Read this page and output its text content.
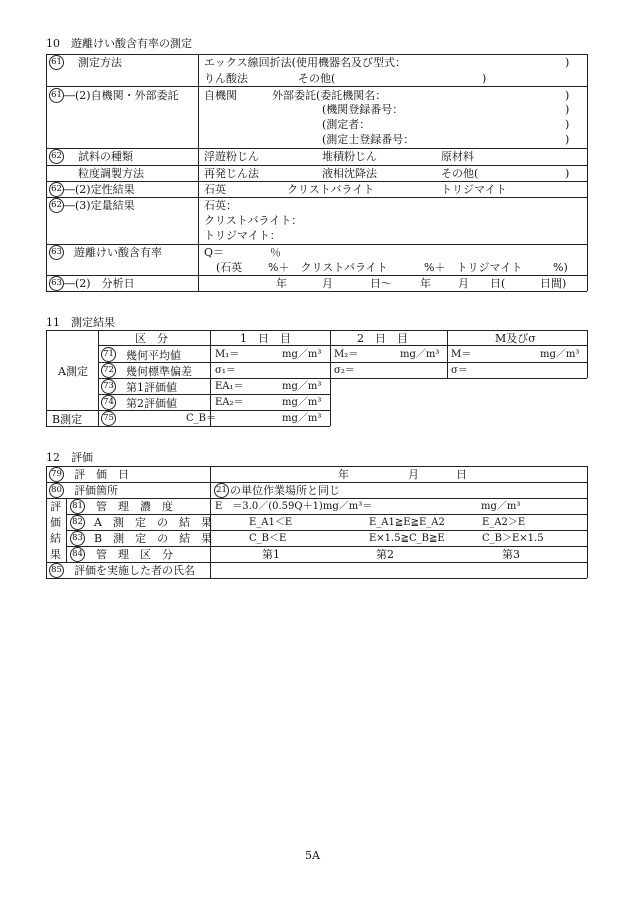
10　遊離けい酸含有率の測定
61 測定方法	エックス線回折法(使用機器名及び型式：	)
りん酸法	その他(	)
61 ―(2)自機関・外部委託 自機関	外部委託(委託機関名：	)
(機関登録番号：	)
(測定者：	)
(測定士登録番号：	)
62 試料の種類	浮遊粉じん	堆積粉じん	原材料
粒度調製方法	再発じん法	液相沈降法	その他(	)
62 ―(2)定性結果	石英	クリストバライト	トリジマイト
62 ―(3)定量結果	石英：
クリストバライト：
トリジマイト：
63 遊離けい酸含有率	Q＝	％
(石英 %＋　クリストバライト	%＋　トリジマイト	%)
63 ―(2)　分析日	年	月	日〜	年 月 日(	日間)
11　測定結果
区　分	1　日　目	2　日　目	M及びσ
A測定
71 幾何平均値	M₁＝	mg／m³ M₂＝	mg／m³ M＝	mg／m³
72 幾何標準偏差 σ₁＝	σ₂＝	σ＝
73 第1評価値	EA₁＝	mg／m³
74 第2評価値	EA₂＝	mg／m³
B測定 75	C_B＝	mg／m³
12　評価
79 評　価　日	年	月	日
80 評価箇所	21 の単位作業場所と同じ
評
価
結
果
81 管　理　濃　度	E　＝3.0／(0.59Q＋1)mg／m³＝	mg／m³
82 A　測　定　の　結　果	E_A1＜E	E_A1≧E≧E_A2	E_A2＞E
83 B　測　定　の　結　果	C_B＜E	E×1.5≧C_B≧E	C_B＞E×1.5
84 管　理　区　分	第1	第2	第3
85 評価を実施した者の氏名
5A
